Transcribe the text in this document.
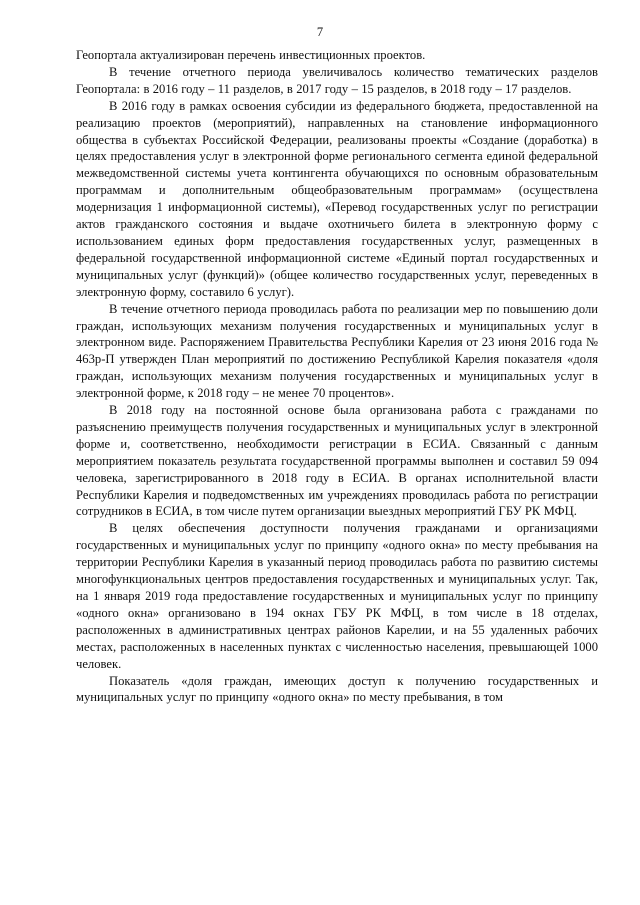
7

Геопортала актуализирован перечень инвестиционных проектов.

В течение отчетного периода увеличивалось количество тематических разделов Геопортала: в 2016 году – 11 разделов, в 2017 году – 15 разделов, в 2018 году – 17 разделов.

В 2016 году в рамках освоения субсидии из федерального бюджета, предоставленной на реализацию проектов (мероприятий), направленных на становление информационного общества в субъектах Российской Федерации, реализованы проекты «Создание (доработка) в целях предоставления услуг в электронной форме регионального сегмента единой федеральной межведомственной системы учета контингента обучающихся по основным образовательным программам и дополнительным общеобразовательным программам» (осуществлена модернизация 1 информационной системы), «Перевод государственных услуг по регистрации актов гражданского состояния и выдаче охотничьего билета в электронную форму с использованием единых форм предоставления государственных услуг, размещенных в федеральной государственной информационной системе «Единый портал государственных и муниципальных услуг (функций)» (общее количество государственных услуг, переведенных в электронную форму, составило 6 услуг).

В течение отчетного периода проводилась работа по реализации мер по повышению доли граждан, использующих механизм получения государственных и муниципальных услуг в электронном виде. Распоряжением Правительства Республики Карелия от 23 июня 2016 года № 463р-П утвержден План мероприятий по достижению Республикой Карелия показателя «доля граждан, использующих механизм получения государственных и муниципальных услуг в электронной форме, к 2018 году – не менее 70 процентов».

В 2018 году на постоянной основе была организована работа с гражданами по разъяснению преимуществ получения государственных и муниципальных услуг в электронной форме и, соответственно, необходимости регистрации в ЕСИА. Связанный с данным мероприятием показатель результата государственной программы выполнен и составил 59 094 человека, зарегистрированного в 2018 году в ЕСИА. В органах исполнительной власти Республики Карелия и подведомственных им учреждениях проводилась работа по регистрации сотрудников в ЕСИА, в том числе путем организации выездных мероприятий ГБУ РК МФЦ.

В целях обеспечения доступности получения гражданами и организациями государственных и муниципальных услуг по принципу «одного окна» по месту пребывания на территории Республики Карелия в указанный период проводилась работа по развитию системы многофункциональных центров предоставления государственных и муниципальных услуг. Так, на 1 января 2019 года предоставление государственных и муниципальных услуг по принципу «одного окна» организовано в 194 окнах ГБУ РК МФЦ, в том числе в 18 отделах, расположенных в административных центрах районов Карелии, и на 55 удаленных рабочих местах, расположенных в населенных пунктах с численностью населения, превышающей 1000 человек.

Показатель «доля граждан, имеющих доступ к получению государственных и муниципальных услуг по принципу «одного окна» по месту пребывания, в том
